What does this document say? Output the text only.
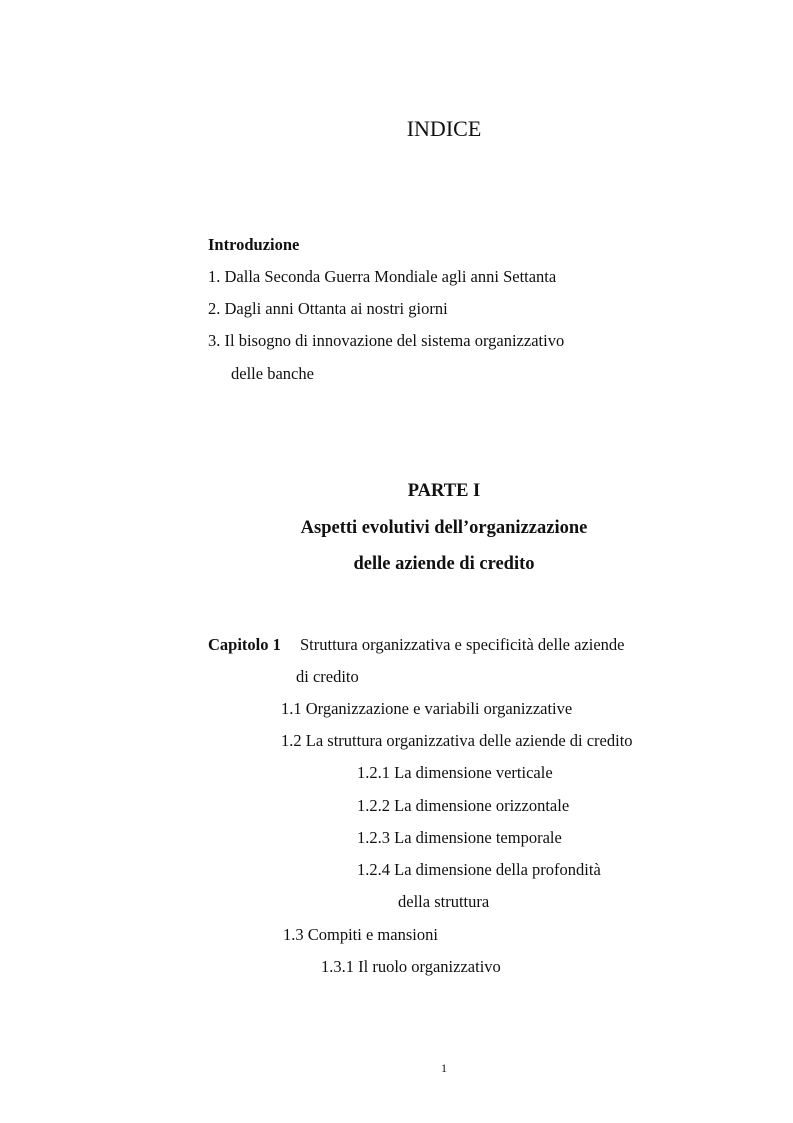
INDICE
Introduzione
1. Dalla Seconda Guerra Mondiale agli anni Settanta
2. Dagli anni Ottanta ai nostri giorni
3. Il bisogno di innovazione del sistema organizzativo
delle banche
PARTE I
Aspetti evolutivi dell’organizzazione
delle aziende di credito
Capitolo 1 Struttura organizzativa e specificità delle aziende
di credito
1.1 Organizzazione e variabili organizzative
1.2 La struttura organizzativa delle aziende di credito
1.2.1 La dimensione verticale
1.2.2 La dimensione orizzontale
1.2.3 La dimensione temporale
1.2.4 La dimensione della profondità
della struttura
1.3 Compiti e mansioni
1.3.1 Il ruolo organizzativo
1
